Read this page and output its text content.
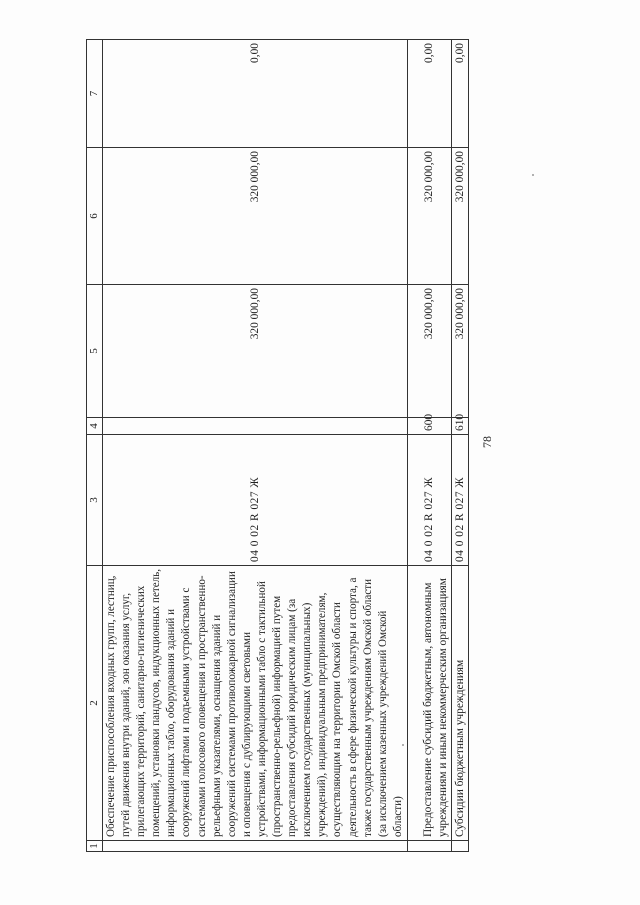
1	2	3	4	5	6	7
	Обеспечение приспособления входных групп, лестниц, путей движения внутри зданий, зон оказания услуг, прилегающих территорий, санитарно-гигиенических помещений, установки пандусов, индукционных петель, информационных табло, оборудования зданий и сооружений лифтами и подъемными устройствами с системами голосового оповещения и пространственно-рельефными указателями, оснащения зданий и сооружений системами противопожарной сигнализации и оповещения с дублирующими световыми устройствами, информационными табло с тактильной (пространственно-рельефной) информацией путем предоставления субсидий юридическим лицам (за исключением государственных (муниципальных) учреждений), индивидуальным предпринимателям, осуществляющим на территории Омской области деятельность в сфере физической культуры и спорта, а также государственным учреждениям Омской области (за исключением казенных учреждений Омской области)	04 0 02 R 027 Ж		320 000,00	320 000,00	0,00
	Предоставление субсидий бюджетным, автономным учреждениям и иным некоммерческим организациям	04 0 02 R 027 Ж	600	320 000,00	320 000,00	0,00
	Субсидии бюджетным учреждениям	04 0 02 R 027 Ж	610	320 000,00	320 000,00	0,00
78
